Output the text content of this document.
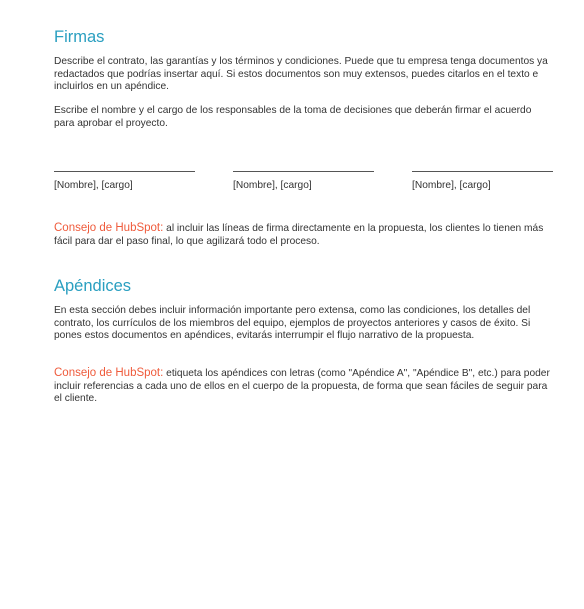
Firmas

Describe el contrato, las garantías y los términos y condiciones. Puede que tu empresa tenga documentos ya redactados que podrías insertar aquí. Si estos documentos son muy extensos, puedes citarlos en el texto e incluirlos en un apéndice.

Escribe el nombre y el cargo de los responsables de la toma de decisiones que deberán firmar el acuerdo para aprobar el proyecto.

[Nombre], [cargo]	[Nombre], [cargo]	[Nombre], [cargo]

Consejo de HubSpot: al incluir las líneas de firma directamente en la propuesta, los clientes lo tienen más fácil para dar el paso final, lo que agilizará todo el proceso.

Apéndices

En esta sección debes incluir información importante pero extensa, como las condiciones, los detalles del contrato, los currículos de los miembros del equipo, ejemplos de proyectos anteriores y casos de éxito. Si pones estos documentos en apéndices, evitarás interrumpir el flujo narrativo de la propuesta.

Consejo de HubSpot: etiqueta los apéndices con letras (como "Apéndice A", "Apéndice B", etc.) para poder incluir referencias a cada uno de ellos en el cuerpo de la propuesta, de forma que sean fáciles de seguir para el cliente.
